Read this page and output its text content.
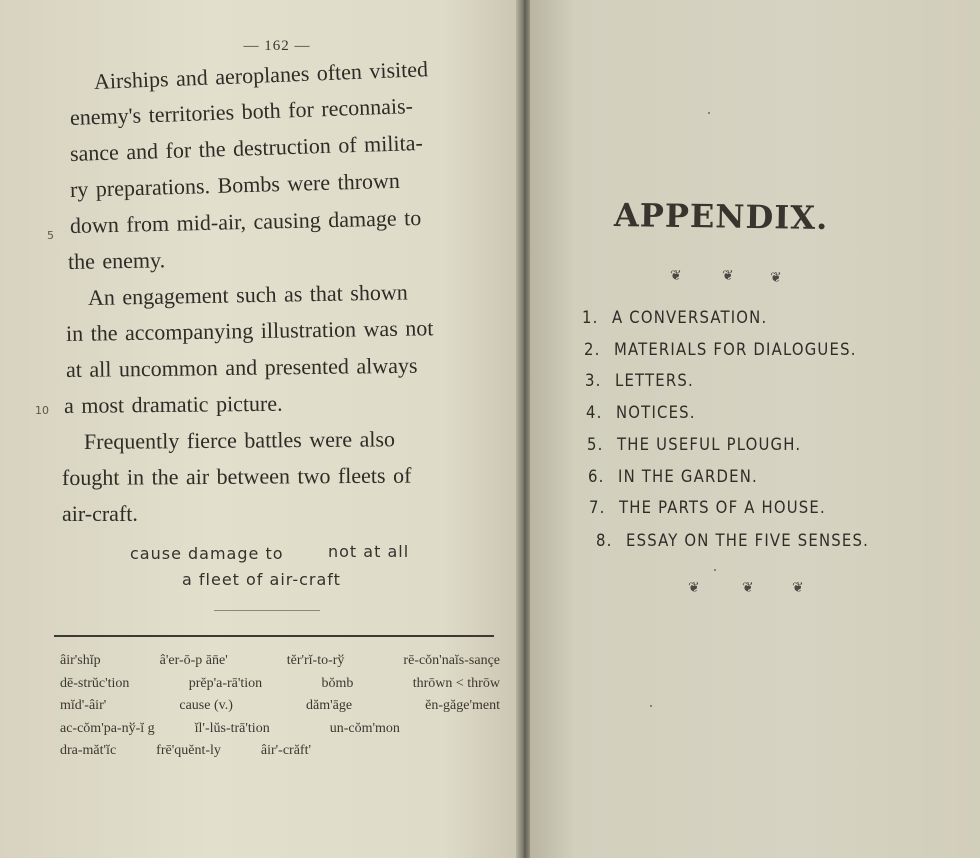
— 162 —
Airships and aeroplanes often visited
enemy's territories both for reconnais-
sance and for the destruction of milita-
ry preparations. Bombs were thrown
down from mid-air, causing damage to
the enemy.
An engagement such as that shown
in the accompanying illustration was not
at all uncommon and presented always
a most dramatic picture.
Frequently fierce battles were also
fought in the air between two fleets of
air-craft.
5
10
cause damage to	not at all
a fleet of air-craft
âir'shĭp	â'er-ō-p ān̄e'	tĕr'rĭ-to-rў	rē-cŏn'naĭs-sançe
dē-strŭc'tion	prĕp'a-rā'tion	bŏmb	thrōwn < thrōw
mĭd'-âir'	cause (v.)	dăm'āge	ĕn-găge'ment
ac-cŏm'pa-nў-ĭ g	ĭl'-lŭs-trā'tion	un-cŏm'mon
dra-măt'ĭc	frē'quĕnt-ly	âir'-crăft'
APPENDIX.
❦	❦	❦
1. A CONVERSATION.
2. MATERIALS FOR DIALOGUES.
3. LETTERS.
4. NOTICES.
5. THE USEFUL PLOUGH.
6. IN THE GARDEN.
7. THE PARTS OF A HOUSE.
8. ESSAY ON THE FIVE SENSES.
❦	❦	❦
